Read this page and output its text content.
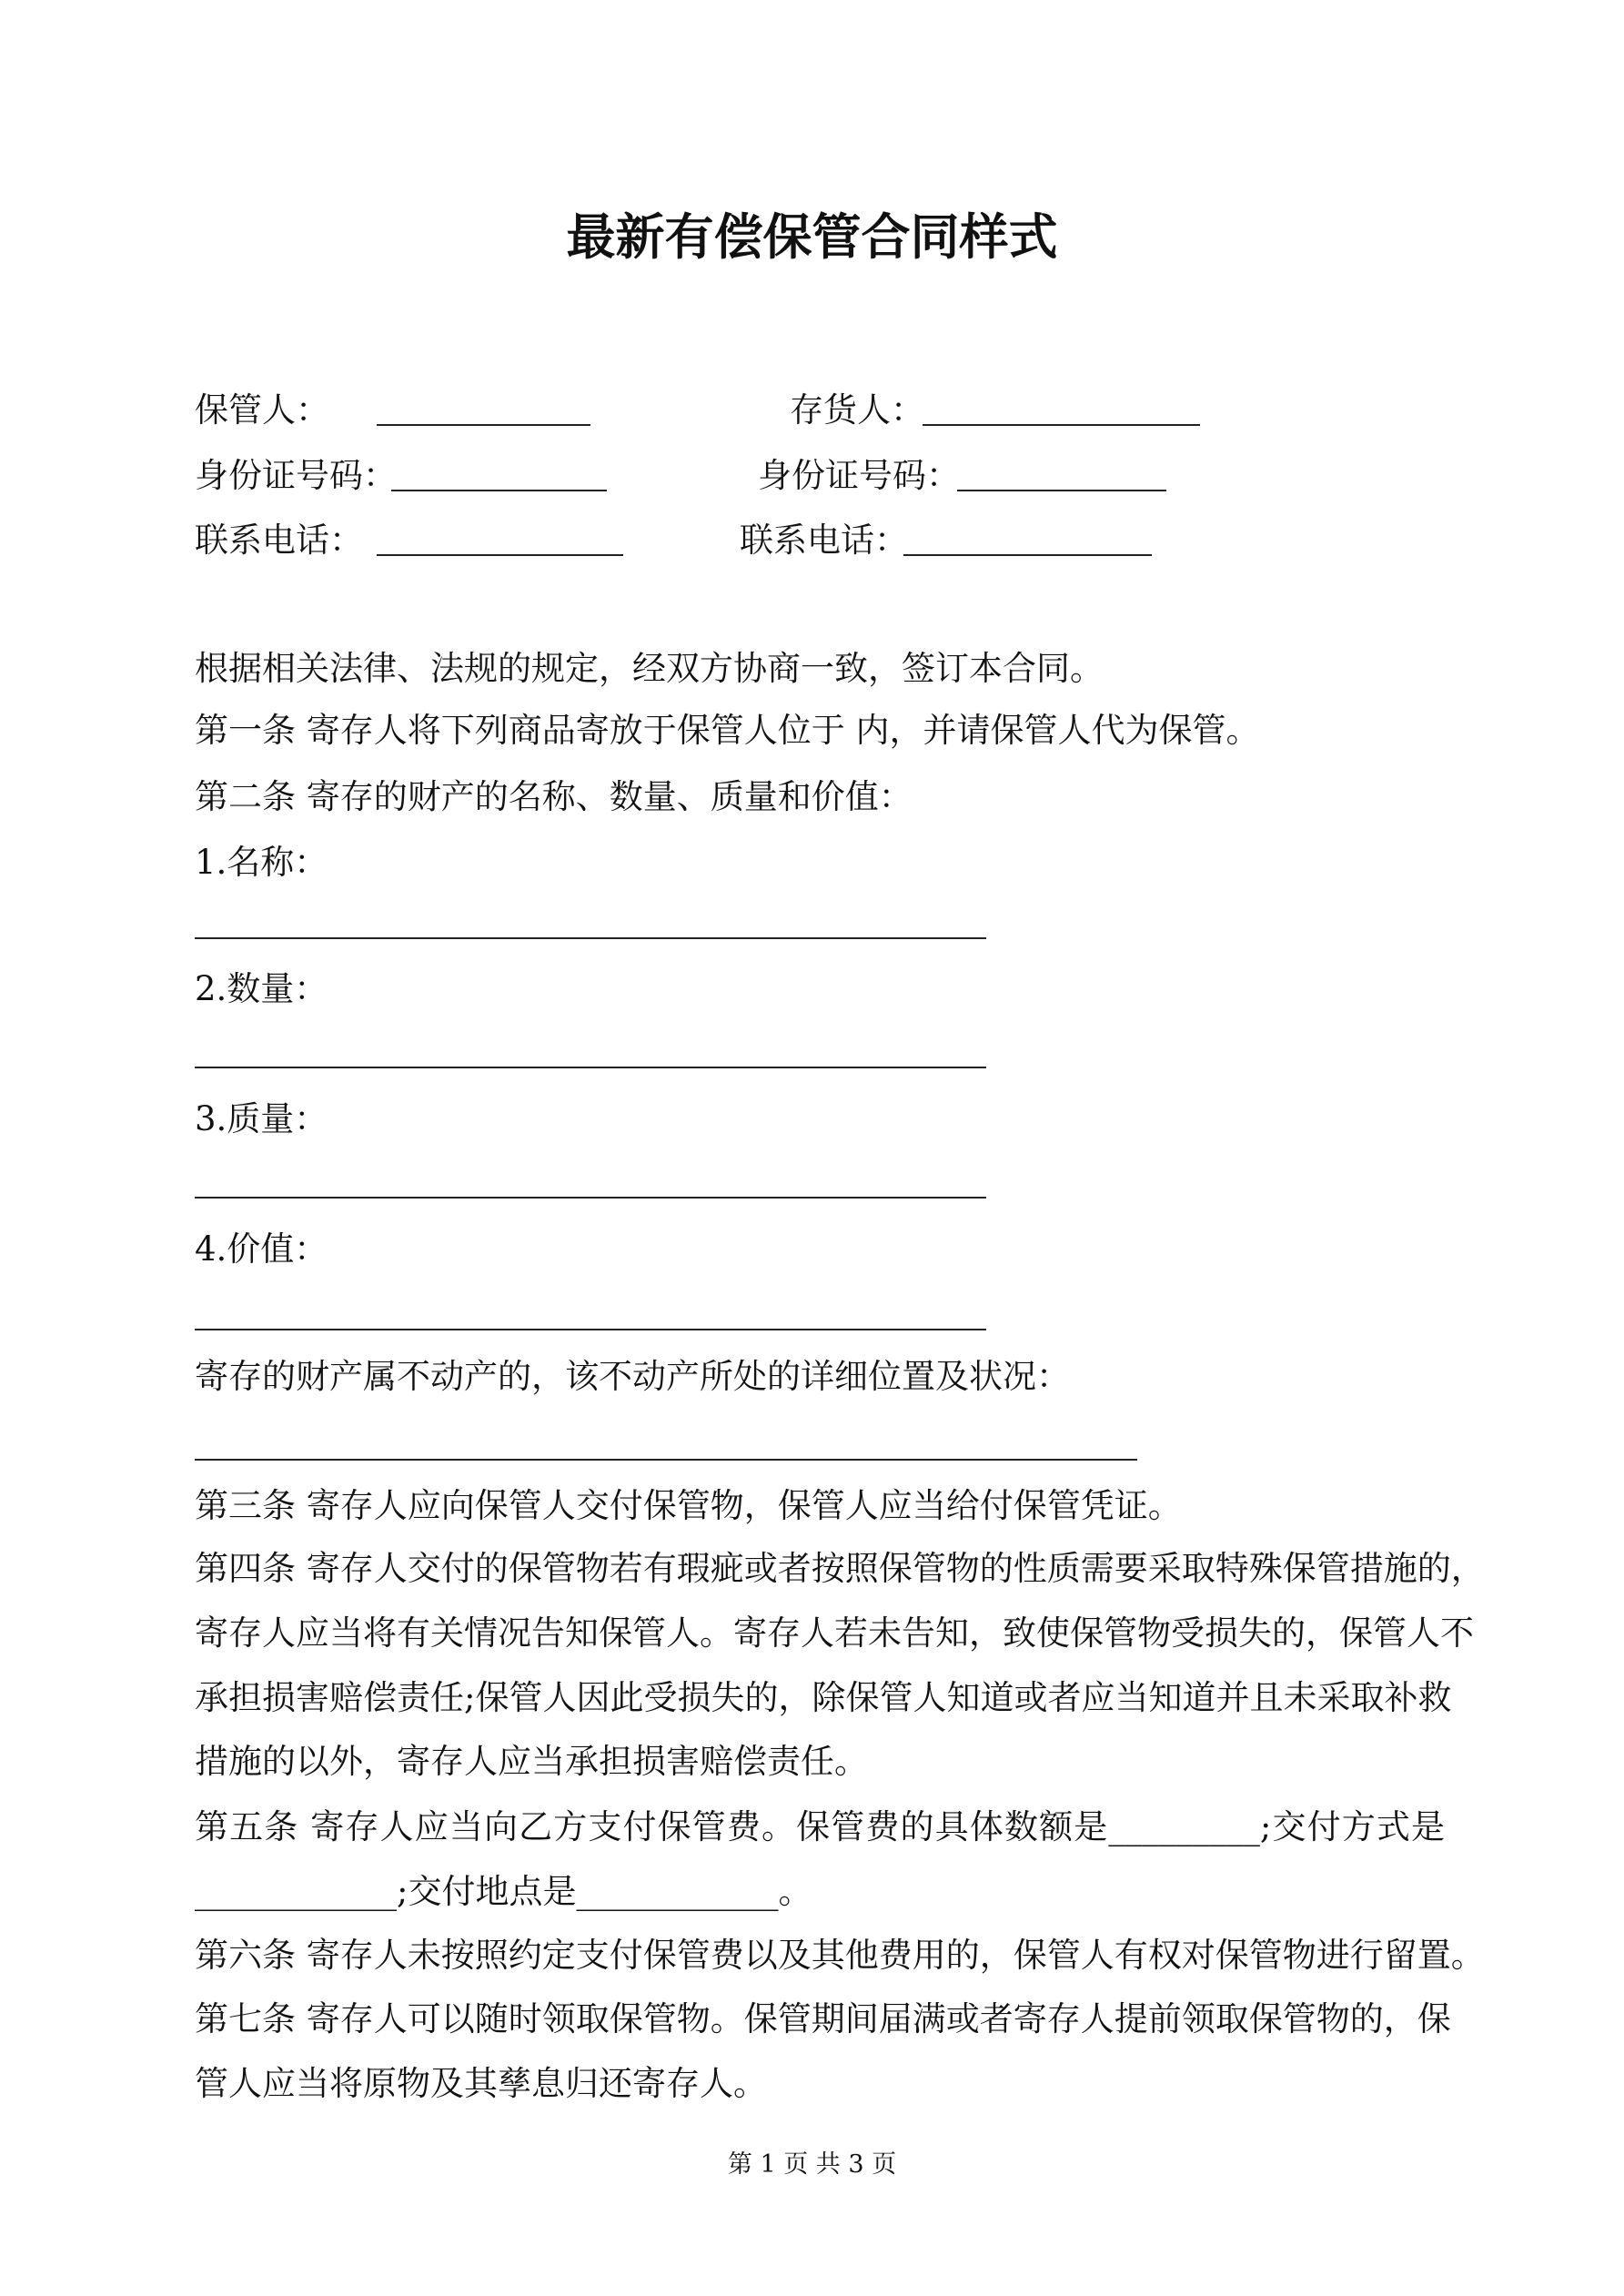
最新有偿保管合同样式
保管人：	存货人：
身份证号码：	身份证号码：
联系电话：	联系电话：
根据相关法律、法规的规定，经双方协商一致，签订本合同。
第一条 寄存人将下列商品寄放于保管人位于 内，并请保管人代为保管。
第二条 寄存的财产的名称、数量、质量和价值：
1.名称：
2.数量：
3.质量：
4.价值：
寄存的财产属不动产的，该不动产所处的详细位置及状况：
第三条 寄存人应向保管人交付保管物，保管人应当给付保管凭证。
第四条 寄存人交付的保管物若有瑕疵或者按照保管物的性质需要采取特殊保管措施的，
寄存人应当将有关情况告知保管人。寄存人若未告知，致使保管物受损失的，保管人不
承担损害赔偿责任;保管人因此受损失的，除保管人知道或者应当知道并且未采取补救
措施的以外，寄存人应当承担损害赔偿责任。
第五条 寄存人应当向乙方支付保管费。保管费的具体数额是_________;交付方式是
____________;交付地点是____________。
第六条 寄存人未按照约定支付保管费以及其他费用的，保管人有权对保管物进行留置。
第七条 寄存人可以随时领取保管物。保管期间届满或者寄存人提前领取保管物的，保
管人应当将原物及其孳息归还寄存人。
第 1 页 共 3 页
